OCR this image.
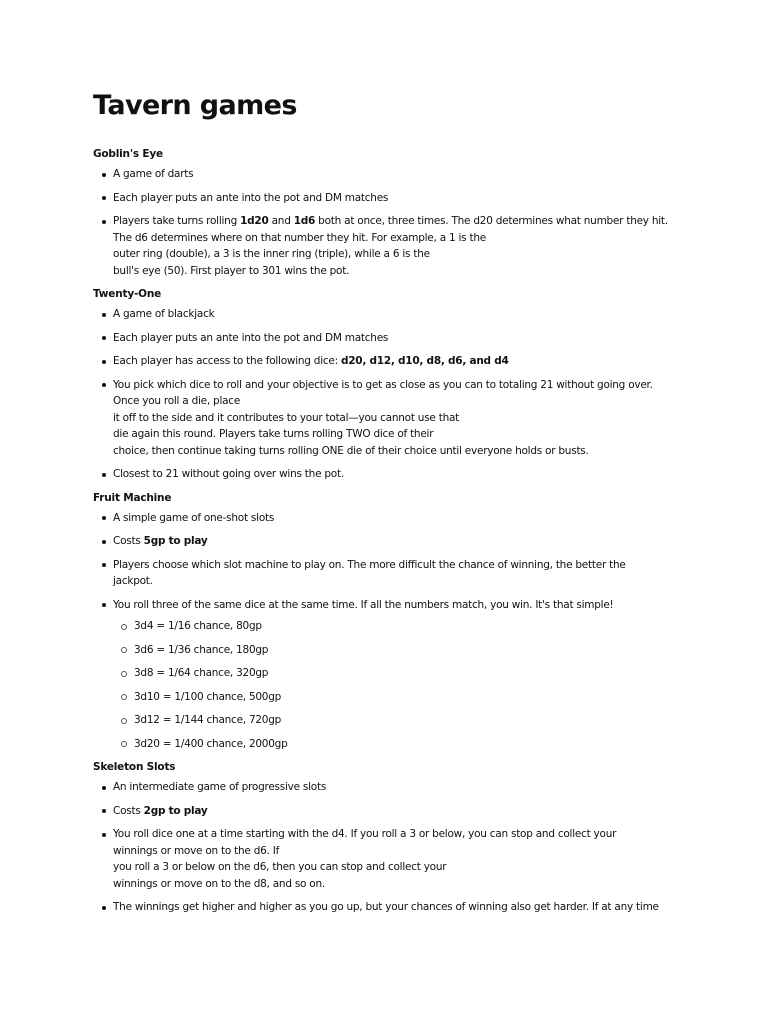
Tavern games

Goblin's Eye

A game of darts
Each player puts an ante into the pot and DM matches
Players take turns rolling 1d20 and 1d6 both at once, three times. The d20 determines what number they hit.
The d6 determines where on that number they hit. For example, a 1 is the
outer ring (double), a 3 is the inner ring (triple), while a 6 is the
bull's eye (50). First player to 301 wins the pot.

Twenty-One

A game of blackjack
Each player puts an ante into the pot and DM matches
Each player has access to the following dice: d20, d12, d10, d8, d6, and d4
You pick which dice to roll and your objective is to get as close as you can to totaling 21 without going over.
Once you roll a die, place
it off to the side and it contributes to your total—you cannot use that
die again this round. Players take turns rolling TWO dice of their
choice, then continue taking turns rolling ONE die of their choice until everyone holds or busts.
Closest to 21 without going over wins the pot.

Fruit Machine

A simple game of one-shot slots
Costs 5gp to play
Players choose which slot machine to play on. The more difficult the chance of winning, the better the
jackpot.
You roll three of the same dice at the same time. If all the numbers match, you win. It's that simple!
3d4 = 1/16 chance, 80gp
3d6 = 1/36 chance, 180gp
3d8 = 1/64 chance, 320gp
3d10 = 1/100 chance, 500gp
3d12 = 1/144 chance, 720gp
3d20 = 1/400 chance, 2000gp

Skeleton Slots

An intermediate game of progressive slots
Costs 2gp to play
You roll dice one at a time starting with the d4. If you roll a 3 or below, you can stop and collect your
winnings or move on to the d6. If
you roll a 3 or below on the d6, then you can stop and collect your
winnings or move on to the d8, and so on.
The winnings get higher and higher as you go up, but your chances of winning also get harder. If at any time
